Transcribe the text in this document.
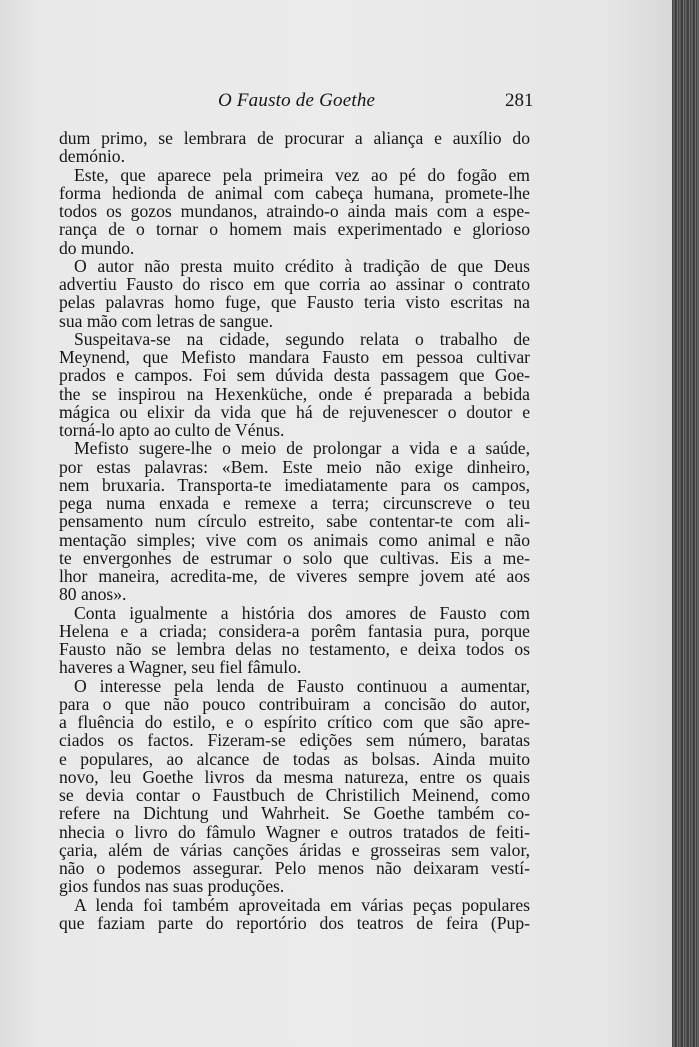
O Fausto de Goethe	281
dum primo, se lembrara de procurar a aliança e auxílio do
demónio.
Este, que aparece pela primeira vez ao pé do fogão em
forma hedionda de animal com cabeça humana, promete-lhe
todos os gozos mundanos, atraindo-o ainda mais com a espe-
rança de o tornar o homem mais experimentado e glorioso
do mundo.
O autor não presta muito crédito à tradição de que Deus
advertiu Fausto do risco em que corria ao assinar o contrato
pelas palavras homo fuge, que Fausto teria visto escritas na
sua mão com letras de sangue.
Suspeitava-se na cidade, segundo relata o trabalho de
Meynend, que Mefisto mandara Fausto em pessoa cultivar
prados e campos. Foi sem dúvida desta passagem que Goe-
the se inspirou na Hexenküche, onde é preparada a bebida
mágica ou elixir da vida que há de rejuvenescer o doutor e
torná-lo apto ao culto de Vénus.
Mefisto sugere-lhe o meio de prolongar a vida e a saúde,
por estas palavras: «Bem. Este meio não exige dinheiro,
nem bruxaria. Transporta-te imediatamente para os campos,
pega numa enxada e remexe a terra; circunscreve o teu
pensamento num círculo estreito, sabe contentar-te com ali-
mentação simples; vive com os animais como animal e não
te envergonhes de estrumar o solo que cultivas. Eis a me-
lhor maneira, acredita-me, de viveres sempre jovem até aos
80 anos».
Conta igualmente a história dos amores de Fausto com
Helena e a criada; considera-a porêm fantasia pura, porque
Fausto não se lembra delas no testamento, e deixa todos os
haveres a Wagner, seu fiel fâmulo.
O interesse pela lenda de Fausto continuou a aumentar,
para o que não pouco contribuiram a concisão do autor,
a fluência do estilo, e o espírito crítico com que são apre-
ciados os factos. Fizeram-se edições sem número, baratas
e populares, ao alcance de todas as bolsas. Ainda muito
novo, leu Goethe livros da mesma natureza, entre os quais
se devia contar o Faustbuch de Christilich Meinend, como
refere na Dichtung und Wahrheit. Se Goethe também co-
nhecia o livro do fâmulo Wagner e outros tratados de feiti-
çaria, além de várias canções áridas e grosseiras sem valor,
não o podemos assegurar. Pelo menos não deixaram vestí-
gios fundos nas suas produções.
A lenda foi também aproveitada em várias peças populares
que faziam parte do reportório dos teatros de feira (Pup-
